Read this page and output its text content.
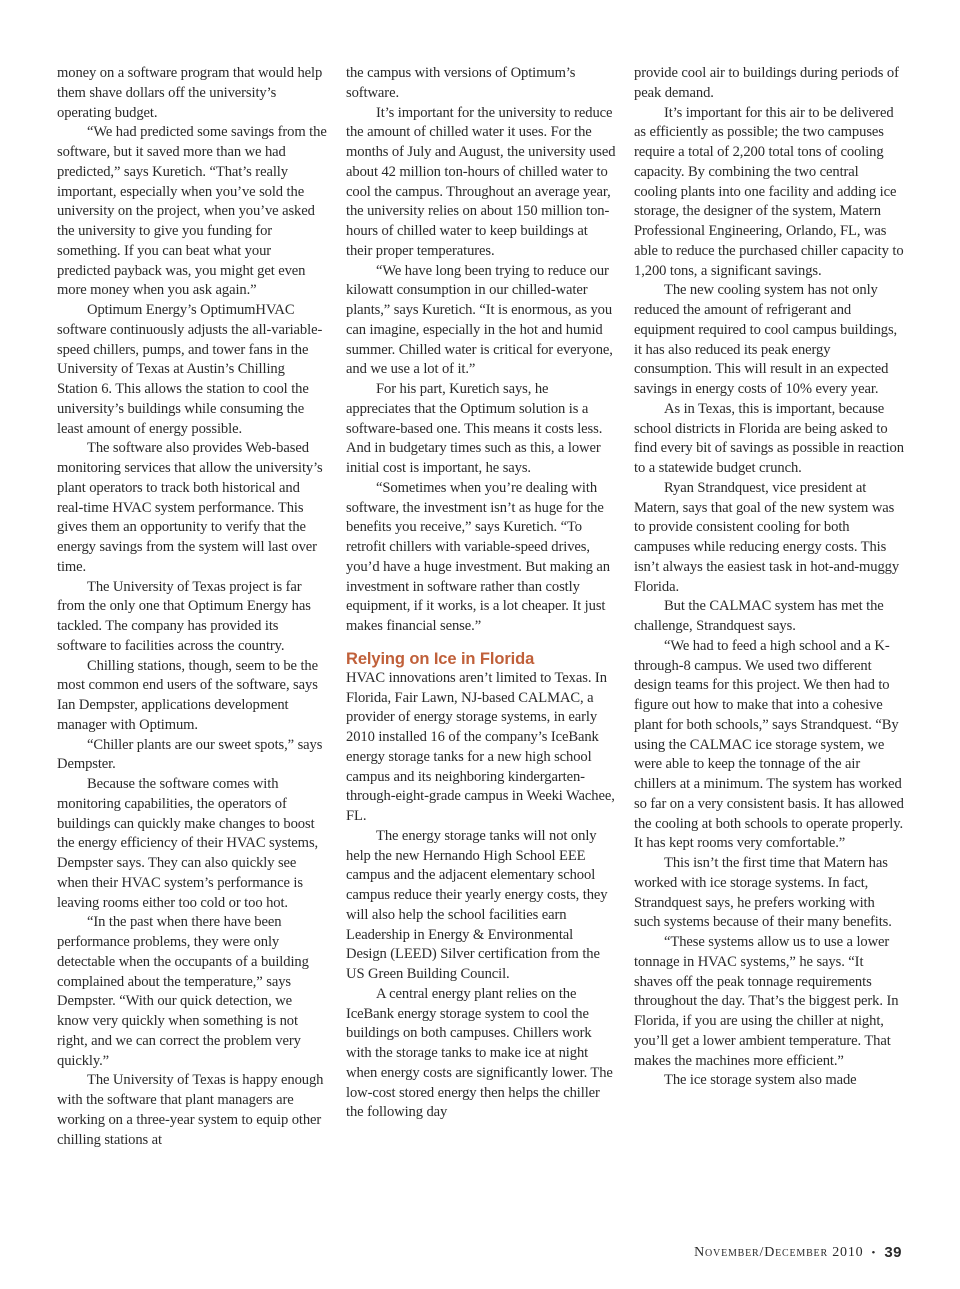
money on a software program that would help them shave dollars off the university’s operating budget.

“We had predicted some savings from the software, but it saved more than we had predicted,” says Kuretich. “That’s really important, especially when you’ve sold the university on the project, when you’ve asked the university to give you funding for something. If you can beat what your predicted payback was, you might get even more money when you ask again.”

Optimum Energy’s OptimumHVAC software continuously adjusts the all-variable-speed chillers, pumps, and tower fans in the University of Texas at Austin’s Chilling Station 6. This allows the station to cool the university’s buildings while consuming the least amount of energy possible.

The software also provides Web-based monitoring services that allow the university’s plant operators to track both historical and real-time HVAC system performance. This gives them an opportunity to verify that the energy savings from the system will last over time.

The University of Texas project is far from the only one that Optimum Energy has tackled. The company has provided its software to facilities across the country.

Chilling stations, though, seem to be the most common end users of the software, says Ian Dempster, applications development manager with Optimum.

“Chiller plants are our sweet spots,” says Dempster.

Because the software comes with monitoring capabilities, the operators of buildings can quickly make changes to boost the energy efficiency of their HVAC systems, Dempster says. They can also quickly see when their HVAC system’s performance is leaving rooms either too cold or too hot.

“In the past when there have been performance problems, they were only detectable when the occupants of a building complained about the temperature,” says Dempster. “With our quick detection, we know very quickly when something is not right, and we can correct the problem very quickly.”

The University of Texas is happy enough with the software that plant managers are working on a three-year system to equip other chilling stations at

the campus with versions of Optimum’s software.

It’s important for the university to reduce the amount of chilled water it uses. For the months of July and August, the university used about 42 million ton-hours of chilled water to cool the campus. Throughout an average year, the university relies on about 150 million ton-hours of chilled water to keep buildings at their proper temperatures.

“We have long been trying to reduce our kilowatt consumption in our chilled-water plants,” says Kuretich. “It is enormous, as you can imagine, especially in the hot and humid summer. Chilled water is critical for everyone, and we use a lot of it.”

For his part, Kuretich says, he appreciates that the Optimum solution is a software-based one. This means it costs less. And in budgetary times such as this, a lower initial cost is important, he says.

“Sometimes when you’re dealing with software, the investment isn’t as huge for the benefits you receive,” says Kuretich. “To retrofit chillers with variable-speed drives, you’d have a huge investment. But making an investment in software rather than costly equipment, if it works, is a lot cheaper. It just makes financial sense.”

Relying on Ice in Florida

HVAC innovations aren’t limited to Texas. In Florida, Fair Lawn, NJ-based CALMAC, a provider of energy storage systems, in early 2010 installed 16 of the company’s IceBank energy storage tanks for a new high school campus and its neighboring kindergarten-through-eight-grade campus in Weeki Wachee, FL.

The energy storage tanks will not only help the new Hernando High School EEE campus and the adjacent elementary school campus reduce their yearly energy costs, they will also help the school facilities earn Leadership in Energy & Environmental Design (LEED) Silver certification from the US Green Building Council.

A central energy plant relies on the IceBank energy storage system to cool the buildings on both campuses. Chillers work with the storage tanks to make ice at night when energy costs are significantly lower. The low-cost stored energy then helps the chiller the following day

provide cool air to buildings during periods of peak demand.

It’s important for this air to be delivered as efficiently as possible; the two campuses require a total of 2,200 total tons of cooling capacity. By combining the two central cooling plants into one facility and adding ice storage, the designer of the system, Matern Professional Engineering, Orlando, FL, was able to reduce the purchased chiller capacity to 1,200 tons, a significant savings.

The new cooling system has not only reduced the amount of refrigerant and equipment required to cool campus buildings, it has also reduced its peak energy consumption. This will result in an expected savings in energy costs of 10% every year.

As in Texas, this is important, because school districts in Florida are being asked to find every bit of savings as possible in reaction to a statewide budget crunch.

Ryan Strandquest, vice president at Matern, says that goal of the new system was to provide consistent cooling for both campuses while reducing energy costs. This isn’t always the easiest task in hot-and-muggy Florida.

But the CALMAC system has met the challenge, Strandquest says.

“We had to feed a high school and a K-through-8 campus. We used two different design teams for this project. We then had to figure out how to make that into a cohesive plant for both schools,” says Strandquest. “By using the CALMAC ice storage system, we were able to keep the tonnage of the air chillers at a minimum. The system has worked so far on a very consistent basis. It has allowed the cooling at both schools to operate properly. It has kept rooms very comfortable.”

This isn’t the first time that Matern has worked with ice storage systems. In fact, Strandquest says, he prefers working with such systems because of their many benefits.

“These systems allow us to use a lower tonnage in HVAC systems,” he says. “It shaves off the peak tonnage requirements throughout the day. That’s the biggest perk. In Florida, if you are using the chiller at night, you’ll get a lower ambient temperature. That makes the machines more efficient.”

The ice storage system also made

November/December 2010 • 39
